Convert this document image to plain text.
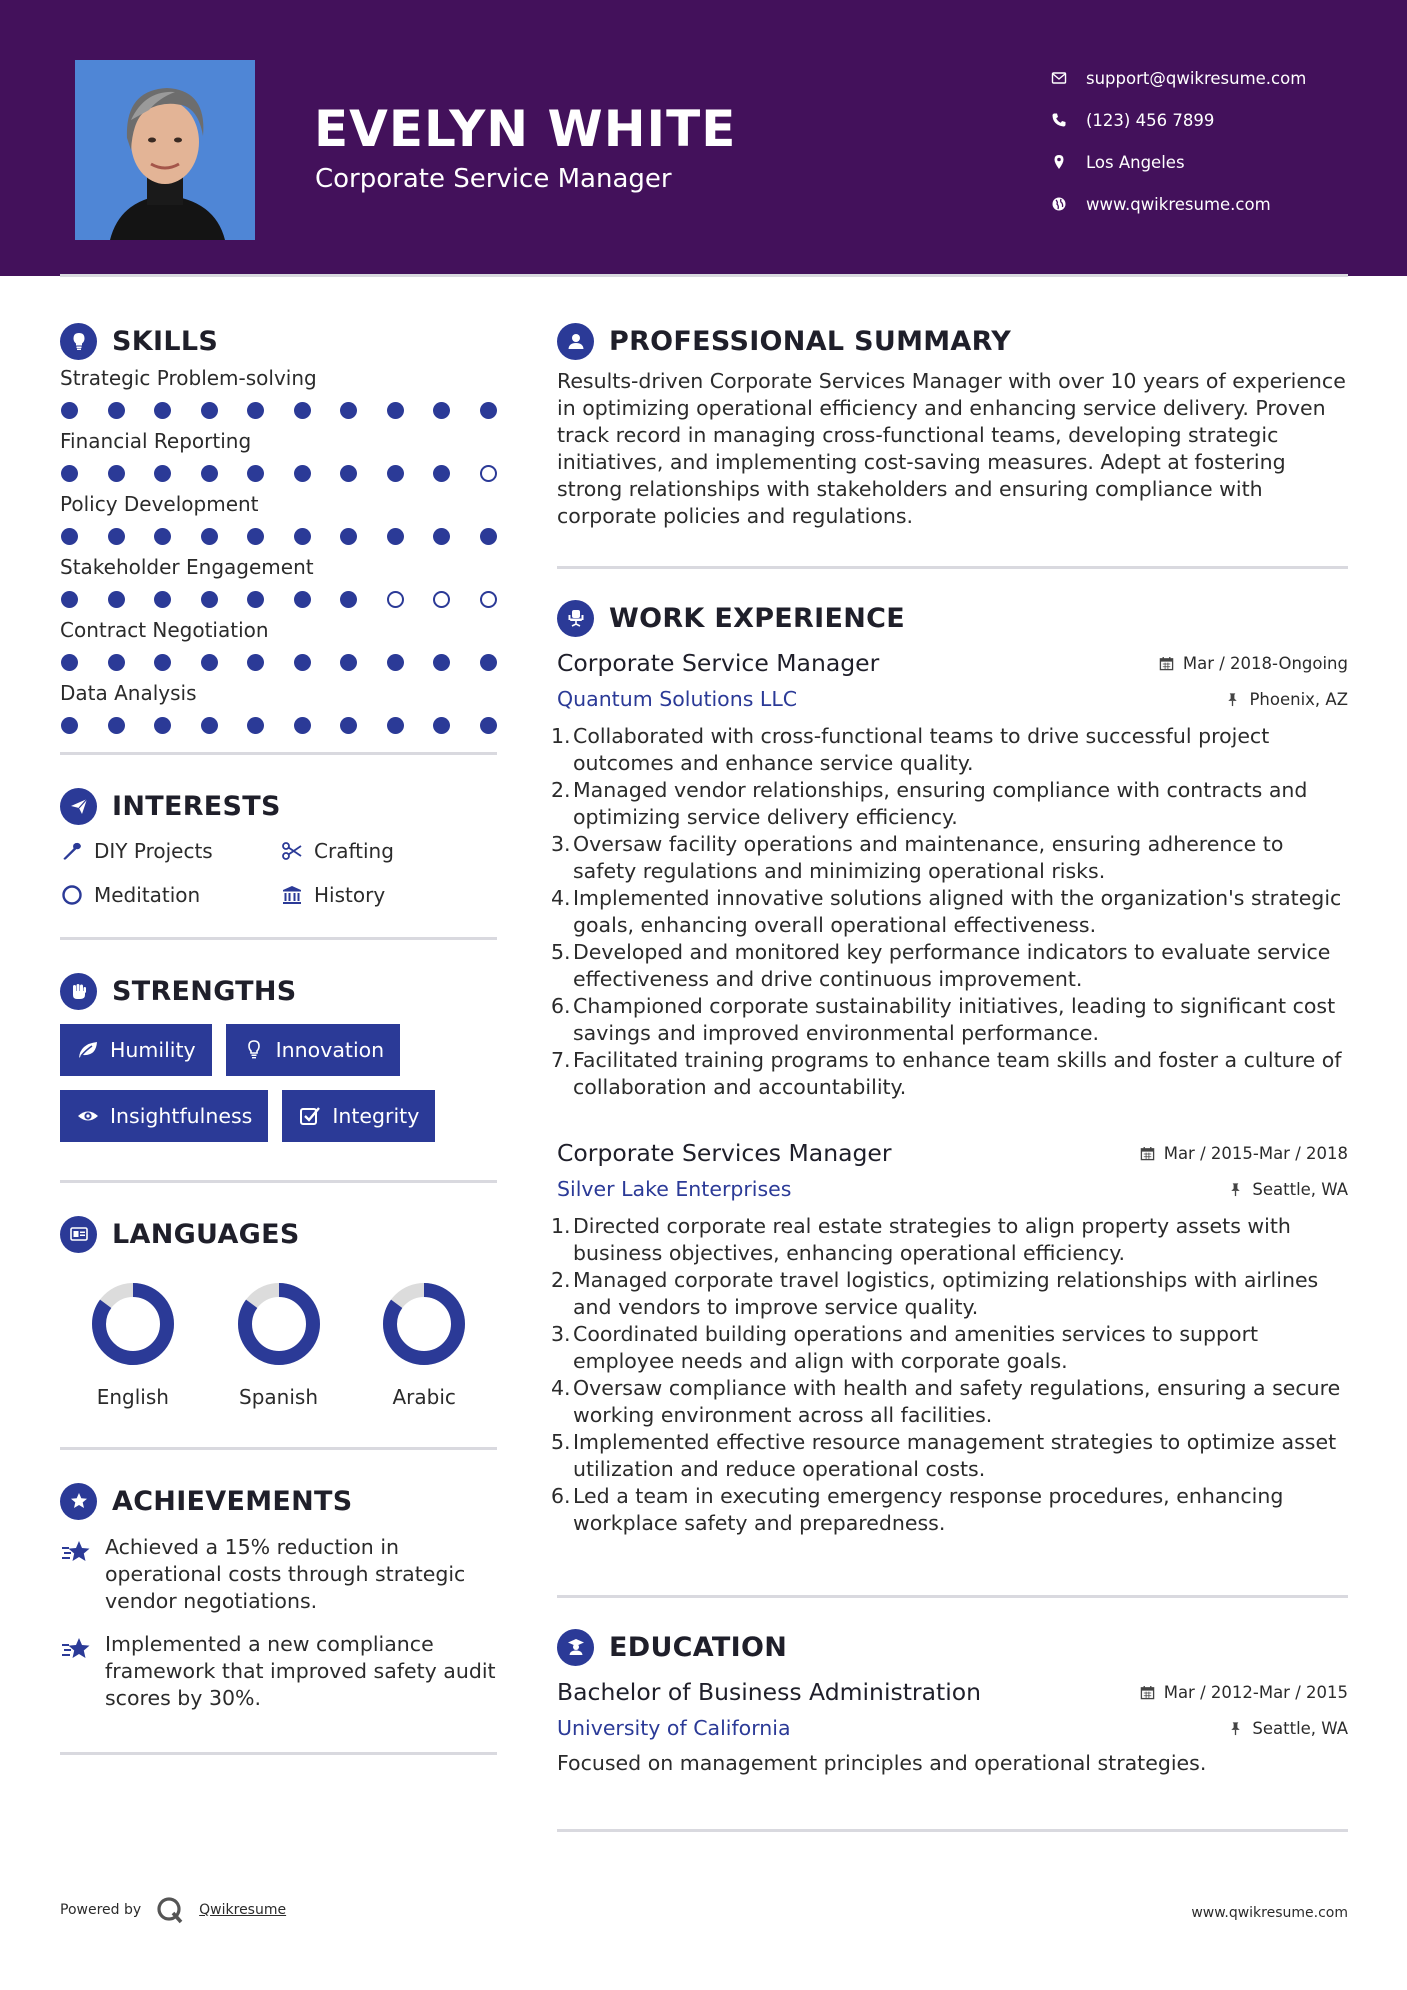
EVELYN WHITE
Corporate Service Manager
support@qwikresume.com
(123) 456 7899
Los Angeles
www.qwikresume.com
SKILLS
Strategic Problem-solving
Financial Reporting
Policy Development
Stakeholder Engagement
Contract Negotiation
Data Analysis
INTERESTS
DIY Projects	Crafting
Meditation	History
STRENGTHS
Humility	Innovation
Insightfulness	Integrity
LANGUAGES
English	Spanish	Arabic
ACHIEVEMENTS
Achieved a 15% reduction in operational costs through strategic vendor negotiations.
Implemented a new compliance framework that improved safety audit scores by 30%.
PROFESSIONAL SUMMARY
Results-driven Corporate Services Manager with over 10 years of experience in optimizing operational efficiency and enhancing service delivery. Proven track record in managing cross-functional teams, developing strategic initiatives, and implementing cost-saving measures. Adept at fostering strong relationships with stakeholders and ensuring compliance with corporate policies and regulations.
WORK EXPERIENCE
Corporate Service Manager	Mar / 2018-Ongoing
Quantum Solutions LLC	Phoenix, AZ
1. Collaborated with cross-functional teams to drive successful project outcomes and enhance service quality.
2. Managed vendor relationships, ensuring compliance with contracts and optimizing service delivery efficiency.
3. Oversaw facility operations and maintenance, ensuring adherence to safety regulations and minimizing operational risks.
4. Implemented innovative solutions aligned with the organization's strategic goals, enhancing overall operational effectiveness.
5. Developed and monitored key performance indicators to evaluate service effectiveness and drive continuous improvement.
6. Championed corporate sustainability initiatives, leading to significant cost savings and improved environmental performance.
7. Facilitated training programs to enhance team skills and foster a culture of collaboration and accountability.
Corporate Services Manager	Mar / 2015-Mar / 2018
Silver Lake Enterprises	Seattle, WA
1. Directed corporate real estate strategies to align property assets with business objectives, enhancing operational efficiency.
2. Managed corporate travel logistics, optimizing relationships with airlines and vendors to improve service quality.
3. Coordinated building operations and amenities services to support employee needs and align with corporate goals.
4. Oversaw compliance with health and safety regulations, ensuring a secure working environment across all facilities.
5. Implemented effective resource management strategies to optimize asset utilization and reduce operational costs.
6. Led a team in executing emergency response procedures, enhancing workplace safety and preparedness.
EDUCATION
Bachelor of Business Administration	Mar / 2012-Mar / 2015
University of California	Seattle, WA
Focused on management principles and operational strategies.
Powered by	Qwikresume	www.qwikresume.com
